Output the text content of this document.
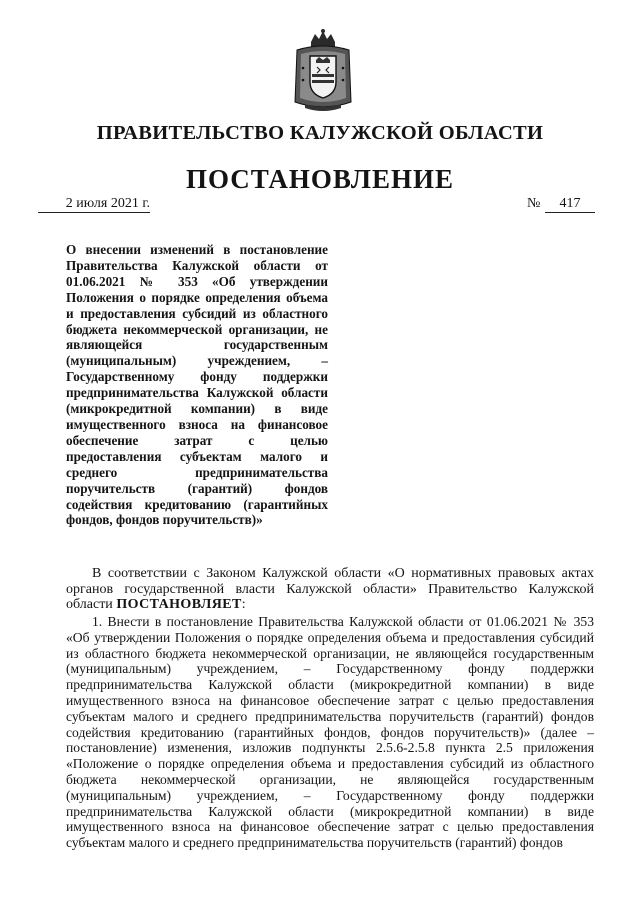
ПРАВИТЕЛЬСТВО КАЛУЖСКОЙ ОБЛАСТИ
ПОСТАНОВЛЕНИЕ
2 июля 2021 г.	№ 417
О внесении изменений в постановление Правительства Калужской области от 01.06.2021 № 353 «Об утверждении Положения о порядке определения объема и предоставления субсидий из областного бюджета некоммерческой организации, не являющейся государственным (муниципальным) учреждением, – Государственному фонду поддержки предпринимательства Калужской области (микрокредитной компании) в виде имущественного взноса на финансовое обеспечение затрат с целью предоставления субъектам малого и среднего предпринимательства поручительств (гарантий) фондов содействия кредитованию (гарантийных фондов, фондов поручительств)»

В соответствии с Законом Калужской области «О нормативных правовых актах органов государственной власти Калужской области» Правительство Калужской области ПОСТАНОВЛЯЕТ:

1. Внести в постановление Правительства Калужской области от 01.06.2021 № 353 «Об утверждении Положения о порядке определения объема и предоставления субсидий из областного бюджета некоммерческой организации, не являющейся государственным (муниципальным) учреждением, – Государственному фонду поддержки предпринимательства Калужской области (микрокредитной компании) в виде имущественного взноса на финансовое обеспечение затрат с целью предоставления субъектам малого и среднего предпринимательства поручительств (гарантий) фондов содействия кредитованию (гарантийных фондов, фондов поручительств)» (далее – постановление) изменения, изложив подпункты 2.5.6-2.5.8 пункта 2.5 приложения «Положение о порядке определения объема и предоставления субсидий из областного бюджета некоммерческой организации, не являющейся государственным (муниципальным) учреждением, – Государственному фонду поддержки предпринимательства Калужской области (микрокредитной компании) в виде имущественного взноса на финансовое обеспечение затрат с целью предоставления субъектам малого и среднего предпринимательства поручительств (гарантий) фондов
